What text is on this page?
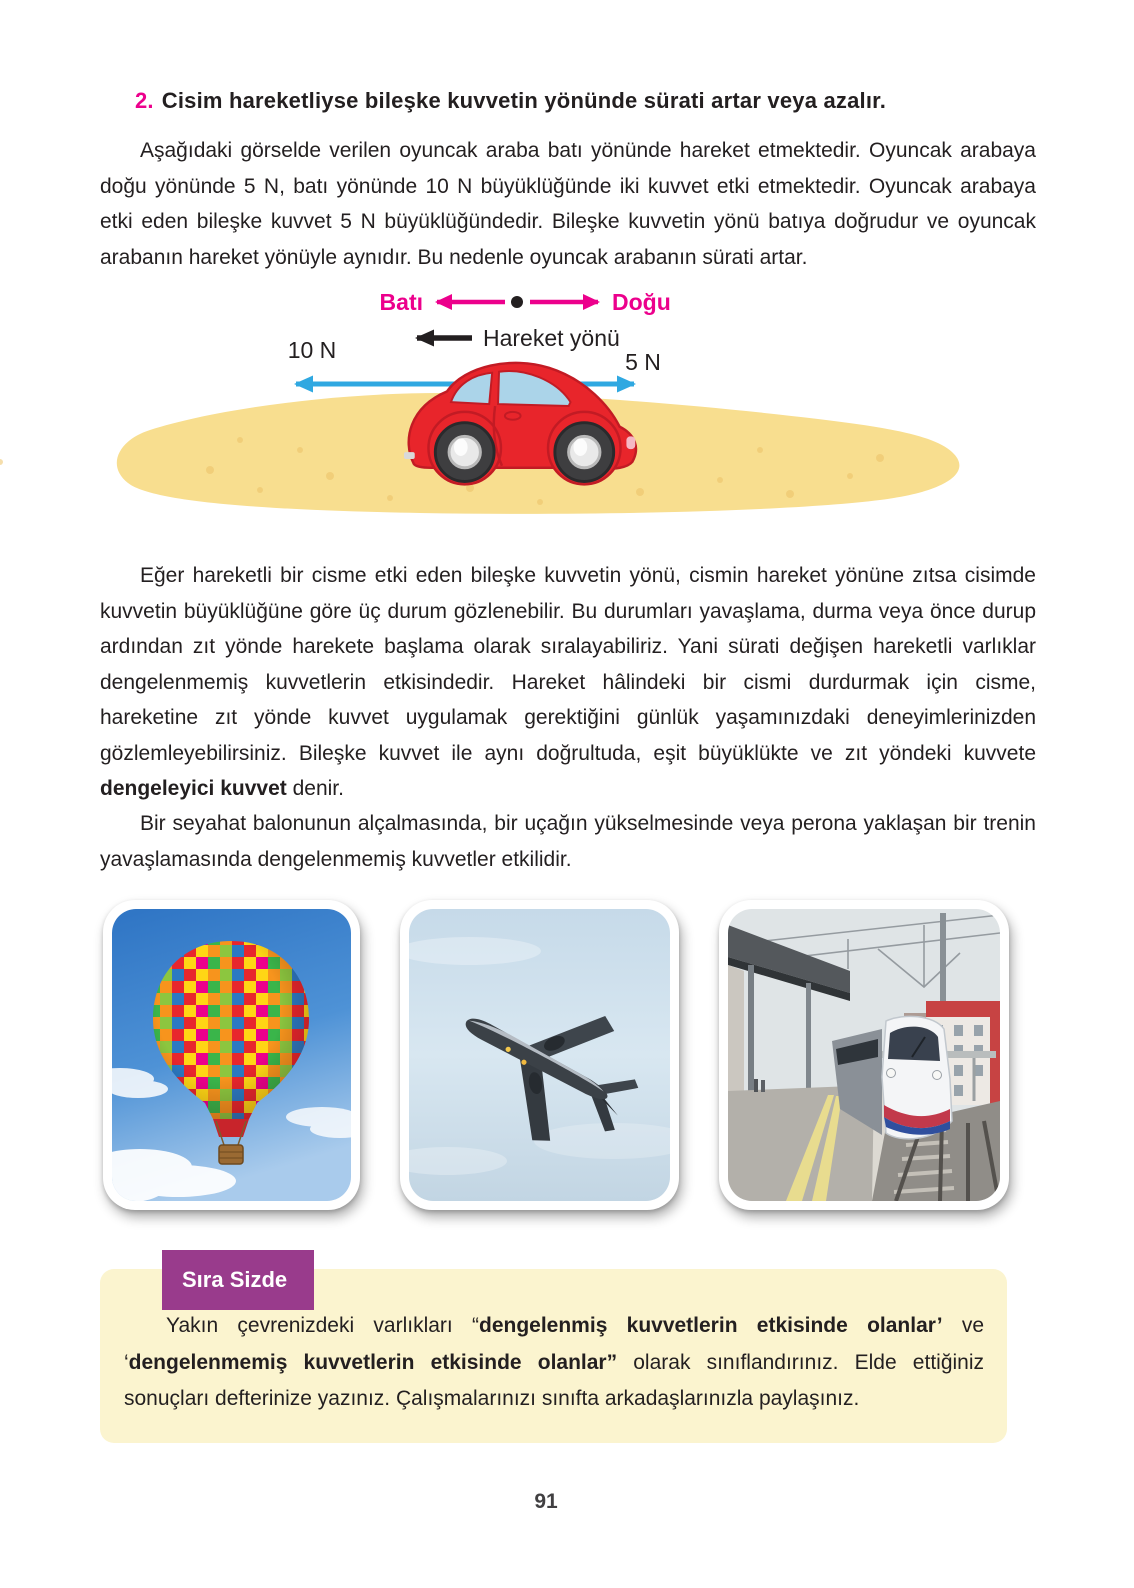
2. Cisim hareketliyse bileşke kuvvetin yönünde sürati artar veya azalır.

Aşağıdaki görselde verilen oyuncak araba batı yönünde hareket etmektedir. Oyuncak arabaya doğu yönünde 5 N, batı yönünde 10 N büyüklüğünde iki kuvvet etki etmektedir. Oyuncak arabaya etki eden bileşke kuvvet 5 N büyüklüğündedir. Bileşke kuvvetin yönü batıya doğrudur ve oyuncak arabanın hareket yönüyle aynıdır. Bu nedenle oyuncak arabanın sürati artar.

Batı	Doğu
Hareket yönü
10 N	5 N

Eğer hareketli bir cisme etki eden bileşke kuvvetin yönü, cismin hareket yönüne zıtsa cisimde kuvvetin büyüklüğüne göre üç durum gözlenebilir. Bu durumları yavaşlama, durma veya önce durup ardından zıt yönde harekete başlama olarak sıralayabiliriz. Yani sürati değişen hareketli varlıklar dengelenmemiş kuvvetlerin etkisindedir. Hareket hâlindeki bir cismi durdurmak için cisme, hareketine zıt yönde kuvvet uygulamak gerektiğini günlük yaşamınızdaki deneyimlerinizden gözlemleyebilirsiniz. Bileşke kuvvet ile aynı doğrultuda, eşit büyüklükte ve zıt yöndeki kuvvete dengeleyici kuvvet denir.

Bir seyahat balonunun alçalmasında, bir uçağın yükselmesinde veya perona yaklaşan bir trenin yavaşlamasında dengelenmemiş kuvvetler etkilidir.

Sıra Sizde

Yakın çevrenizdeki varlıkları “dengelenmiş kuvvetlerin etkisinde olanlar’ ve ‘dengelenmemiş kuvvetlerin etkisinde olanlar” olarak sınıflandırınız. Elde ettiğiniz sonuçları defterinize yazınız. Çalışmalarınızı sınıfta arkadaşlarınızla paylaşınız.

91
